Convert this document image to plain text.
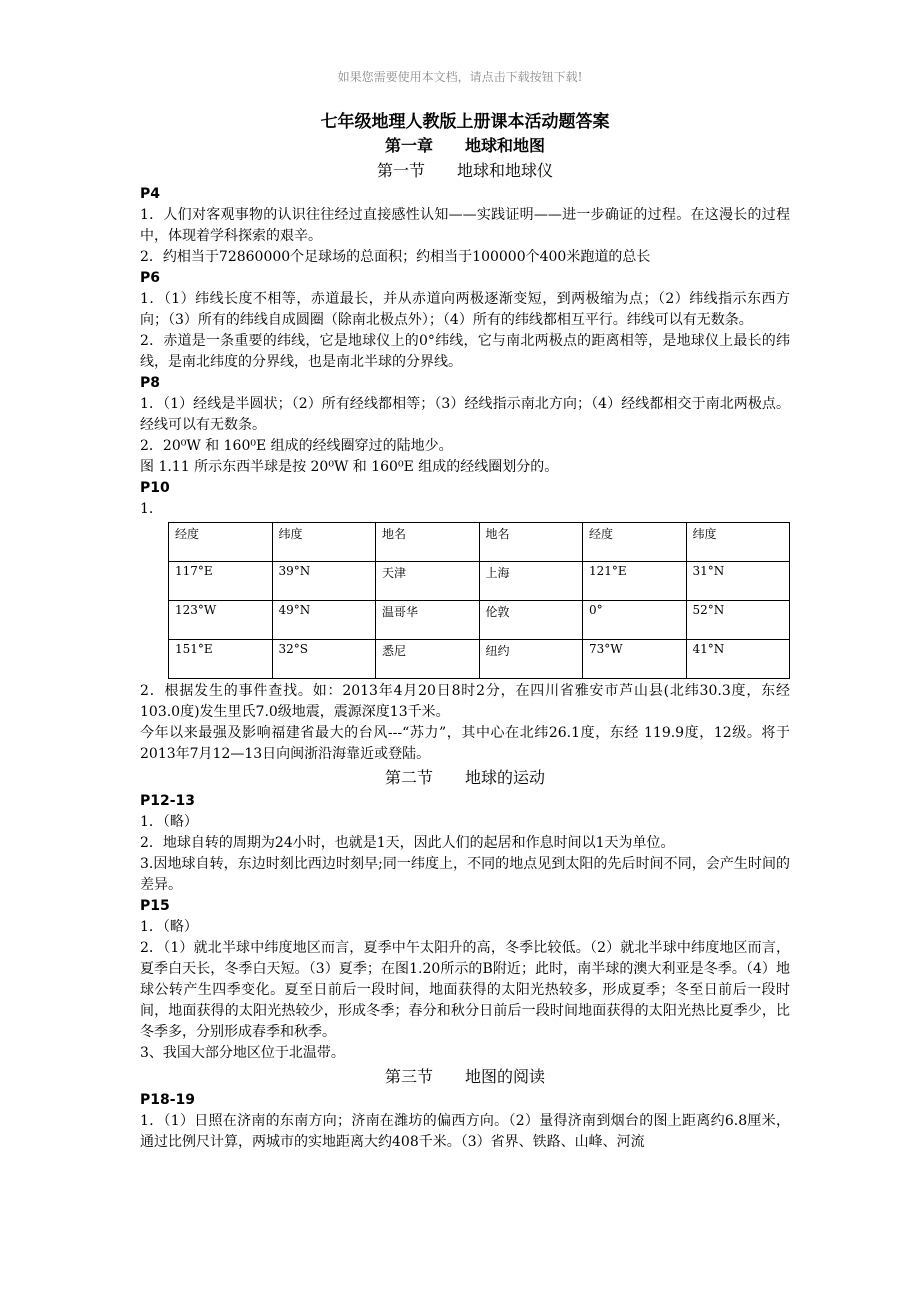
如果您需要使用本文档，请点击下载按钮下载!
七年级地理人教版上册课本活动题答案
第一章 地球和地图
第一节 地球和地球仪
P4

1．人们对客观事物的认识往往经过直接感性认知——实践证明——进一步确证的过程。在这漫长的过程中，体现着学科探索的艰辛。

2．约相当于72860000个足球场的总面积；约相当于100000个400米跑道的总长

P6

1．（1）纬线长度不相等，赤道最长，并从赤道向两极逐渐变短，到两极缩为点；（2）纬线指示东西方向；（3）所有的纬线自成圆圈（除南北极点外）；（4）所有的纬线都相互平行。纬线可以有无数条。

2．赤道是一条重要的纬线，它是地球仪上的0°纬线，它与南北两极点的距离相等，是地球仪上最长的纬线，是南北纬度的分界线，也是南北半球的分界线。

P8

1．（1）经线是半圆状；（2）所有经线都相等；（3）经线指示南北方向；（4）经线都相交于南北两极点。经线可以有无数条。

2．20⁰W 和 160⁰E 组成的经线圈穿过的陆地少。

图 1.11 所示东西半球是按 20⁰W 和 160⁰E 组成的经线圈划分的。

P10

1．

经度	纬度	地名	地名	经度	纬度
117°E	39°N	天津	上海	121°E	31°N
123°W	49°N	温哥华	伦敦	0°	52°N
151°E	32°S	悉尼	纽约	73°W	41°N

2．根据发生的事件查找。如：2013年4月20日8时2分，在四川省雅安市芦山县(北纬30.3度，东经103.0度)发生里氏7.0级地震，震源深度13千米。

今年以来最强及影响福建省最大的台风---“苏力”，其中心在北纬26.1度，东经 119.9度，12级。将于2013年7月12—13日向闽浙沿海靠近或登陆。

第二节 地球的运动
P12-13

1．（略）

2．地球自转的周期为24小时，也就是1天，因此人们的起居和作息时间以1天为单位。

3.因地球自转，东边时刻比西边时刻早;同一纬度上，不同的地点见到太阳的先后时间不同，会产生时间的差异。

P15

1．（略）

2．（1）就北半球中纬度地区而言，夏季中午太阳升的高，冬季比较低。（2）就北半球中纬度地区而言，夏季白天长，冬季白天短。（3）夏季；在图1.20所示的B附近；此时，南半球的澳大利亚是冬季。（4）地球公转产生四季变化。夏至日前后一段时间，地面获得的太阳光热较多，形成夏季；冬至日前后一段时间，地面获得的太阳光热较少，形成冬季；春分和秋分日前后一段时间地面获得的太阳光热比夏季少，比冬季多，分别形成春季和秋季。

3、我国大部分地区位于北温带。

第三节 地图的阅读
P18-19

1．（1）日照在济南的东南方向；济南在潍坊的偏西方向。（2）量得济南到烟台的图上距离约6.8厘米，通过比例尺计算，两城市的实地距离大约408千米。（3）省界、铁路、山峰、河流
